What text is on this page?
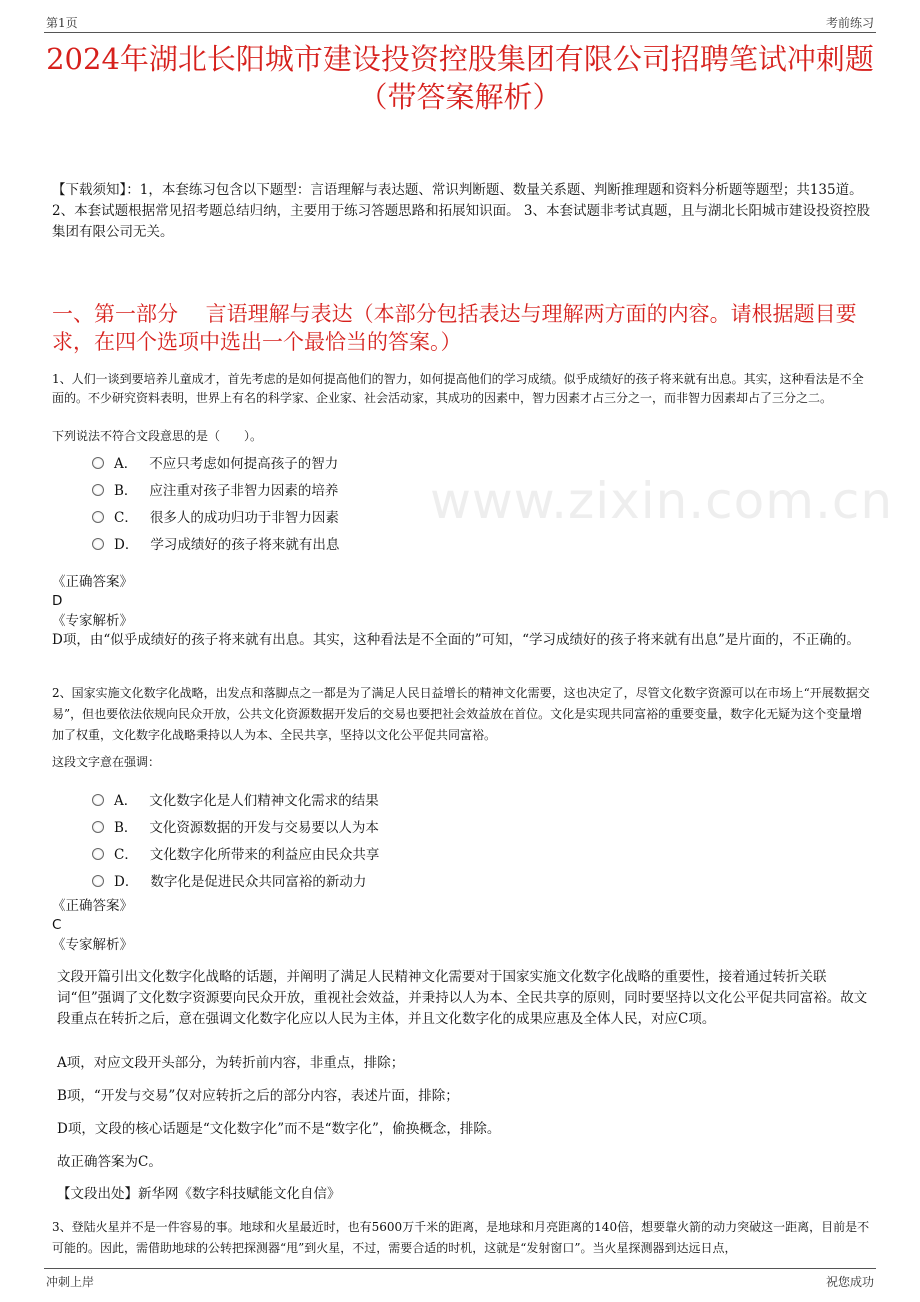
第1页	考前练习
2024年湖北长阳城市建设投资控股集团有限公司招聘笔试冲刺题（带答案解析）
【下载须知】：1，本套练习包含以下题型：言语理解与表达题、常识判断题、数量关系题、判断推理题和资料分析题等题型；共135道。 2、本套试题根据常见招考题总结归纳，主要用于练习答题思路和拓展知识面。 3、本套试题非考试真题，且与湖北长阳城市建设投资控股集团有限公司无关。
一、第一部分　 言语理解与表达（本部分包括表达与理解两方面的内容。请根据题目要求，在四个选项中选出一个最恰当的答案。）
1、人们一谈到要培养儿童成才，首先考虑的是如何提高他们的智力，如何提高他们的学习成绩。似乎成绩好的孩子将来就有出息。其实，这种看法是不全面的。不少研究资料表明，世界上有名的科学家、企业家、社会活动家，其成功的因素中，智力因素才占三分之一，而非智力因素却占了三分之二。
下列说法不符合文段意思的是（　　）。
A． 不应只考虑如何提高孩子的智力
B． 应注重对孩子非智力因素的培养
C． 很多人的成功归功于非智力因素
D． 学习成绩好的孩子将来就有出息
www.zixin.com.cn
《正确答案》
D
《专家解析》
D项，由“似乎成绩好的孩子将来就有出息。其实，这种看法是不全面的”可知，“学习成绩好的孩子将来就有出息”是片面的，不正确的。
2、国家实施文化数字化战略，出发点和落脚点之一都是为了满足人民日益增长的精神文化需要，这也决定了，尽管文化数字资源可以在市场上“开展数据交易”，但也要依法依规向民众开放，公共文化资源数据开发后的交易也要把社会效益放在首位。文化是实现共同富裕的重要变量，数字化无疑为这个变量增加了权重，文化数字化战略秉持以人为本、全民共享，坚持以文化公平促共同富裕。
这段文字意在强调：
A． 文化数字化是人们精神文化需求的结果
B． 文化资源数据的开发与交易要以人为本
C． 文化数字化所带来的利益应由民众共享
D． 数字化是促进民众共同富裕的新动力
《正确答案》
C
《专家解析》
文段开篇引出文化数字化战略的话题，并阐明了满足人民精神文化需要对于国家实施文化数字化战略的重要性，接着通过转折关联词“但”强调了文化数字资源要向民众开放，重视社会效益，并秉持以人为本、全民共享的原则，同时要坚持以文化公平促共同富裕。故文段重点在转折之后，意在强调文化数字化应以人民为主体，并且文化数字化的成果应惠及全体人民，对应C项。
A项，对应文段开头部分，为转折前内容，非重点，排除；
B项，“开发与交易”仅对应转折之后的部分内容，表述片面，排除；
D项，文段的核心话题是“文化数字化”而不是“数字化”，偷换概念，排除。
故正确答案为C。
【文段出处】新华网《数字科技赋能文化自信》
3、登陆火星并不是一件容易的事。地球和火星最近时，也有5600万千米的距离，是地球和月亮距离的140倍，想要靠火箭的动力突破这一距离，目前是不可能的。因此，需借助地球的公转把探测器“甩”到火星，不过，需要合适的时机，这就是“发射窗口”。当火星探测器到达远日点，
冲刺上岸	祝您成功
